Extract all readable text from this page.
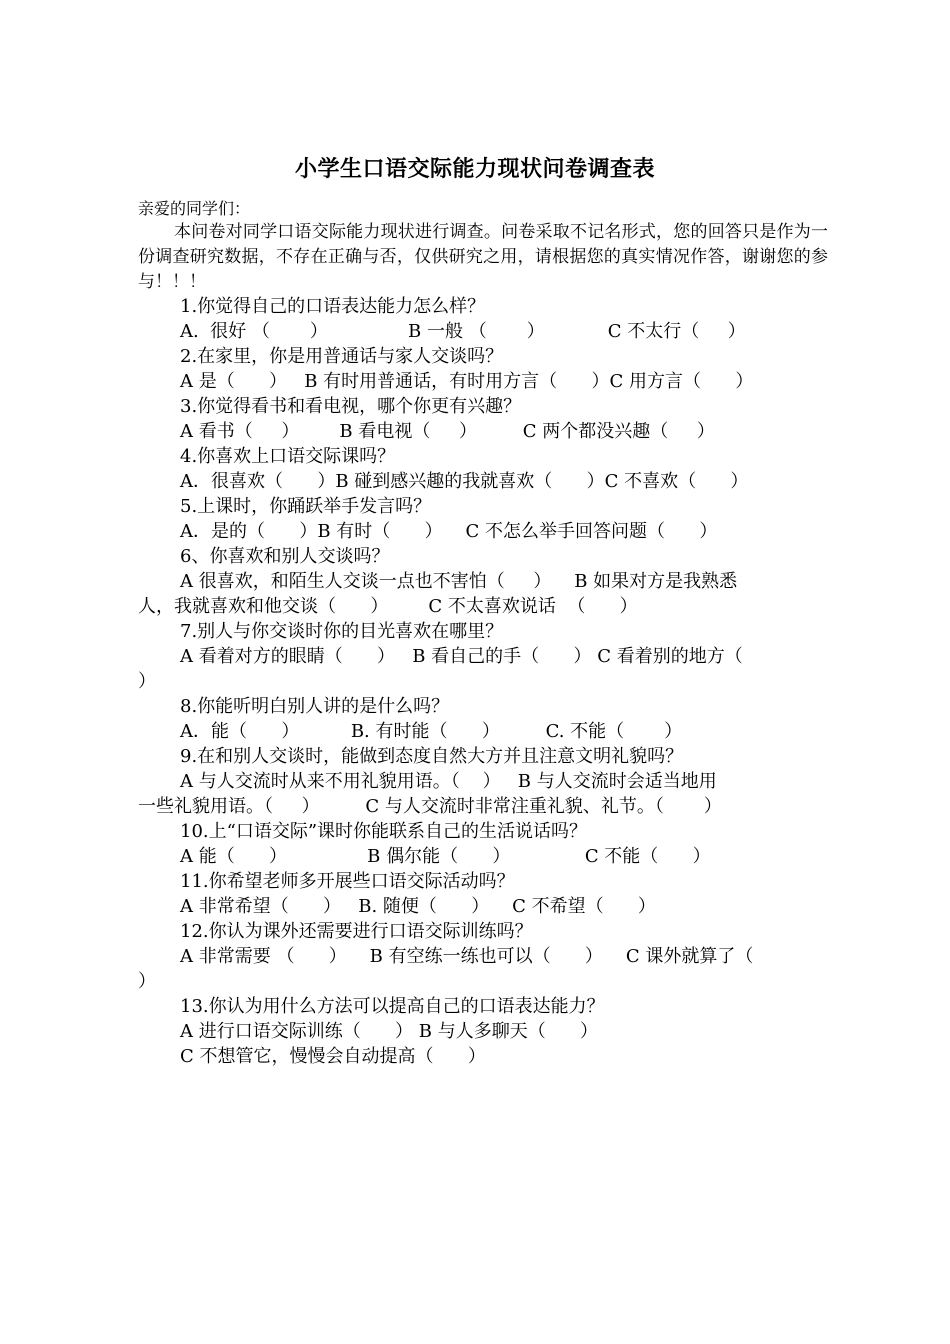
小学生口语交际能力现状问卷调查表
亲爱的同学们：
本问卷对同学口语交际能力现状进行调查。问卷采取不记名形式，您的回答只是作为一份调查研究数据，不存在正确与否，仅供研究之用，请根据您的真实情况作答，谢谢您的参与！！！
1.你觉得自己的口语表达能力怎么样？
A.  很好 （       ）              B 一般 （       ）           C 不太行（     ）
2.在家里，你是用普通话与家人交谈吗？
A 是（      ）   B 有时用普通话，有时用方言（      ）C 用方言（      ）
3.你觉得看书和看电视，哪个你更有兴趣？
A 看书（     ）       B 看电视（     ）        C 两个都没兴趣（     ）
4.你喜欢上口语交际课吗？
A．很喜欢（      ）B 碰到感兴趣的我就喜欢（      ）C 不喜欢（      ）
5.上课时，你踊跃举手发言吗？
A．是的（      ）B 有时（      ）    C 不怎么举手回答问题（      ）
6、你喜欢和别人交谈吗？
A 很喜欢，和陌生人交谈一点也不害怕（     ）    B 如果对方是我熟悉
人，我就喜欢和他交谈（      ）       C 不太喜欢说话  （      ）
7.别人与你交谈时你的目光喜欢在哪里？
A 看着对方的眼睛（      ）   B 看自己的手（      ） C 看着别的地方（
）
8.你能听明白别人讲的是什么吗？
A．能（      ）         B. 有时能（      ）        C. 不能（       ）
9.在和别人交谈时，能做到态度自然大方并且注意文明礼貌吗？
A 与人交流时从来不用礼貌用语。（    ）   B 与人交流时会适当地用
一些礼貌用语。（     ）        C 与人交流时非常注重礼貌、礼节。（       ）
10.上“口语交际”课时你能联系自己的生活说话吗？
A 能（      ）              B 偶尔能（      ）             C 不能（      ）
11.你希望老师多开展些口语交际活动吗？
A 非常希望（      ）   B. 随便（      ）    C 不希望（      ）
12.你认为课外还需要进行口语交际训练吗？
A 非常需要 （      ）    B 有空练一练也可以（      ）    C 课外就算了（
）
13.你认为用什么方法可以提高自己的口语表达能力？
A 进行口语交际训练（      ） B 与人多聊天（      ）
C 不想管它，慢慢会自动提高（      ）
